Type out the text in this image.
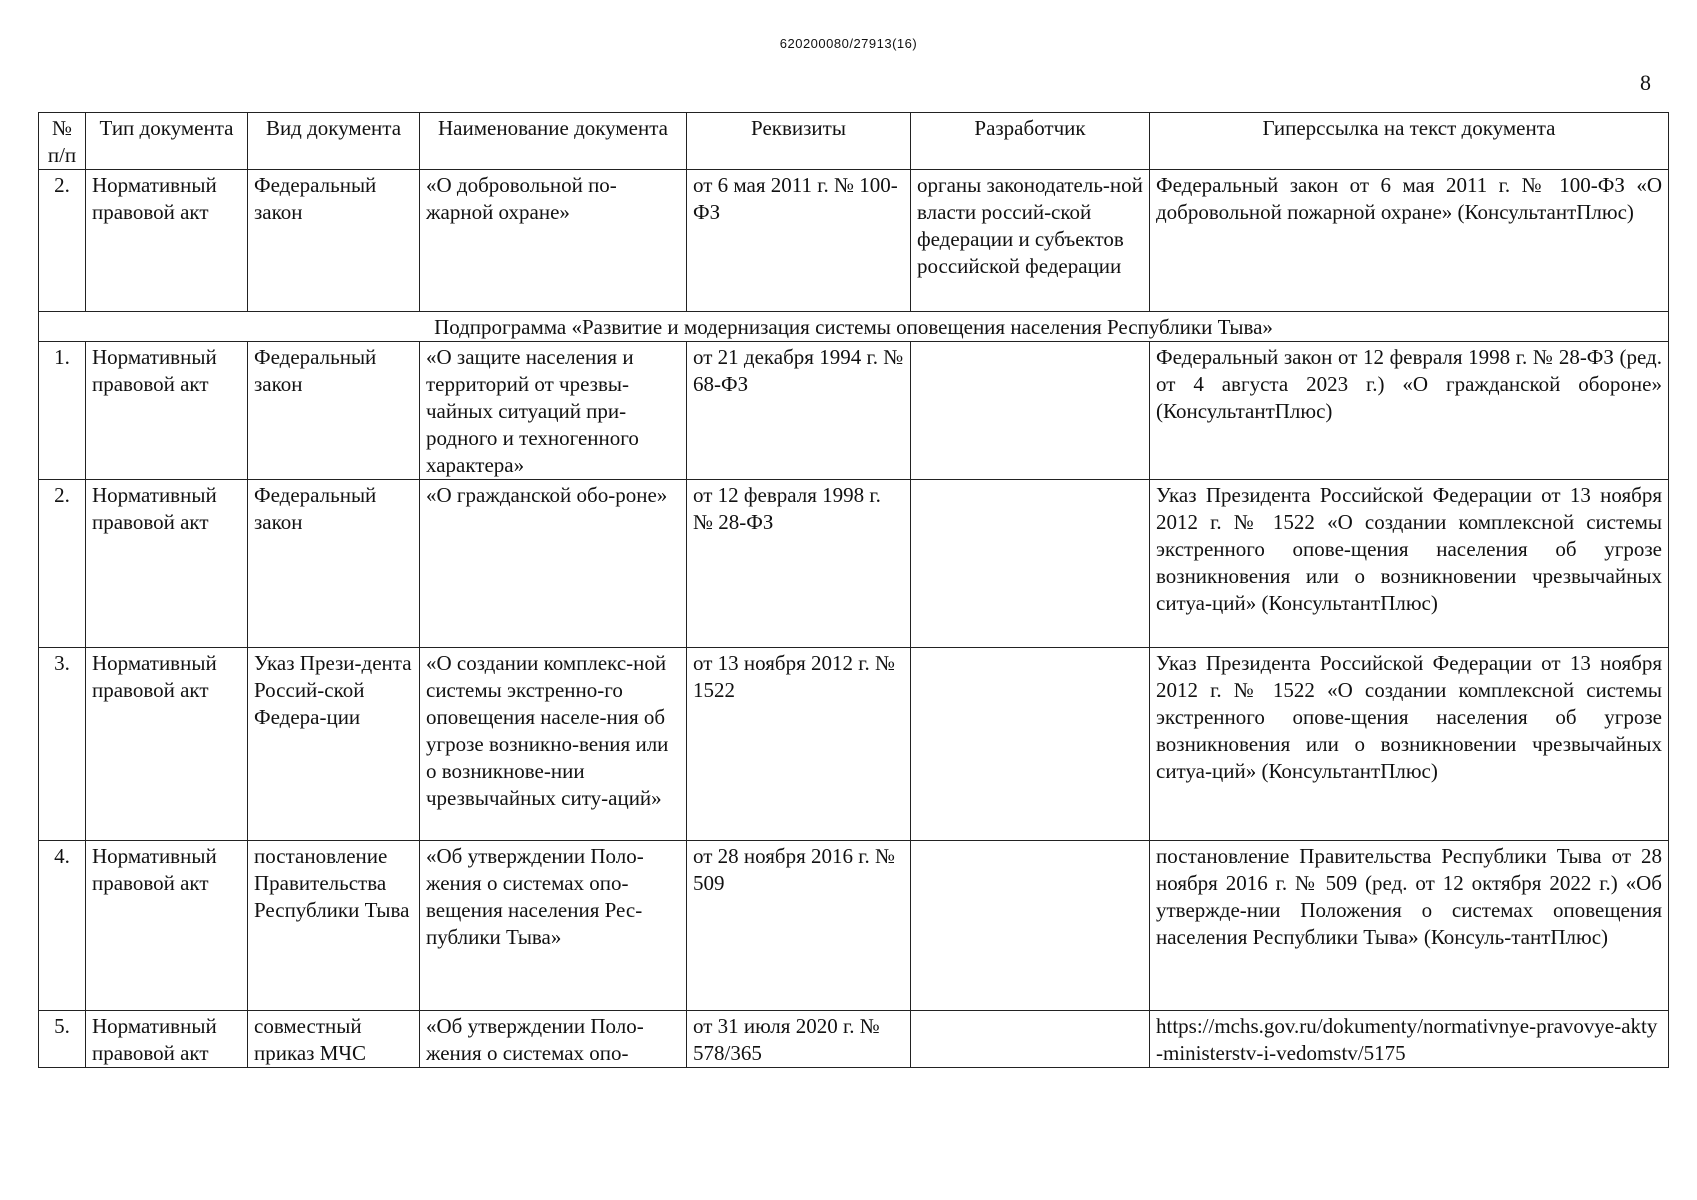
620200080/27913(16)
8
№ п/п	Тип документа	Вид документа	Наименование документа	Реквизиты	Разработчик	Гиперссылка на текст документа
2.	Нормативный правовой акт	Федеральный закон	«О добровольной по-жарной охране»	от 6 мая 2011 г. № 100-ФЗ	органы законодатель-ной власти россий-ской федерации и субъектов российской федерации	Федеральный закон от 6 мая 2011 г. № 100-ФЗ «О добровольной пожарной охране» (КонсультантПлюс)
Подпрограмма «Развитие и модернизация системы оповещения населения Республики Тыва»						
1.	Нормативный правовой акт	Федеральный закон	«О защите населения и территорий от чрезвы-чайных ситуаций при-родного и техногенного характера»	от 21 декабря 1994 г. № 68-ФЗ		Федеральный закон от 12 февраля 1998 г. № 28-ФЗ (ред. от 4 августа 2023 г.) «О гражданской обороне» (КонсультантПлюс)
2.	Нормативный правовой акт	Федеральный закон	«О гражданской обо-роне»	от 12 февраля 1998 г. № 28-ФЗ		Указ Президента Российской Федерации от 13 ноября 2012 г. № 1522 «О создании комплексной системы экстренного опове-щения населения об угрозе возникновения или о возникновении чрезвычайных ситуа-ций» (КонсультантПлюс)
3.	Нормативный правовой акт	Указ Прези-дента Россий-ской Федера-ции	«О создании комплекс-ной системы экстренно-го оповещения населе-ния об угрозе возникно-вения или о возникнове-нии чрезвычайных ситу-аций»	от 13 ноября 2012 г. № 1522		Указ Президента Российской Федерации от 13 ноября 2012 г. № 1522 «О создании комплексной системы экстренного опове-щения населения об угрозе возникновения или о возникновении чрезвычайных ситуа-ций» (КонсультантПлюс)
4.	Нормативный правовой акт	постановление Правительства Республики Тыва	«Об утверждении Поло-жения о системах опо-вещения населения Рес-публики Тыва»	от 28 ноября 2016 г. № 509		постановление Правительства Республики Тыва от 28 ноября 2016 г. № 509 (ред. от 12 октября 2022 г.) «Об утвержде-нии Положения о системах оповещения населения Республики Тыва» (Консуль-тантПлюс)
5.	Нормативный правовой акт	совместный приказ МЧС	«Об утверждении Поло-жения о системах опо-	от 31 июля 2020 г. № 578/365		https://mchs.gov.ru/dokumenty/normativnye-pravovye-akty-ministerstv-i-vedomstv/5175
